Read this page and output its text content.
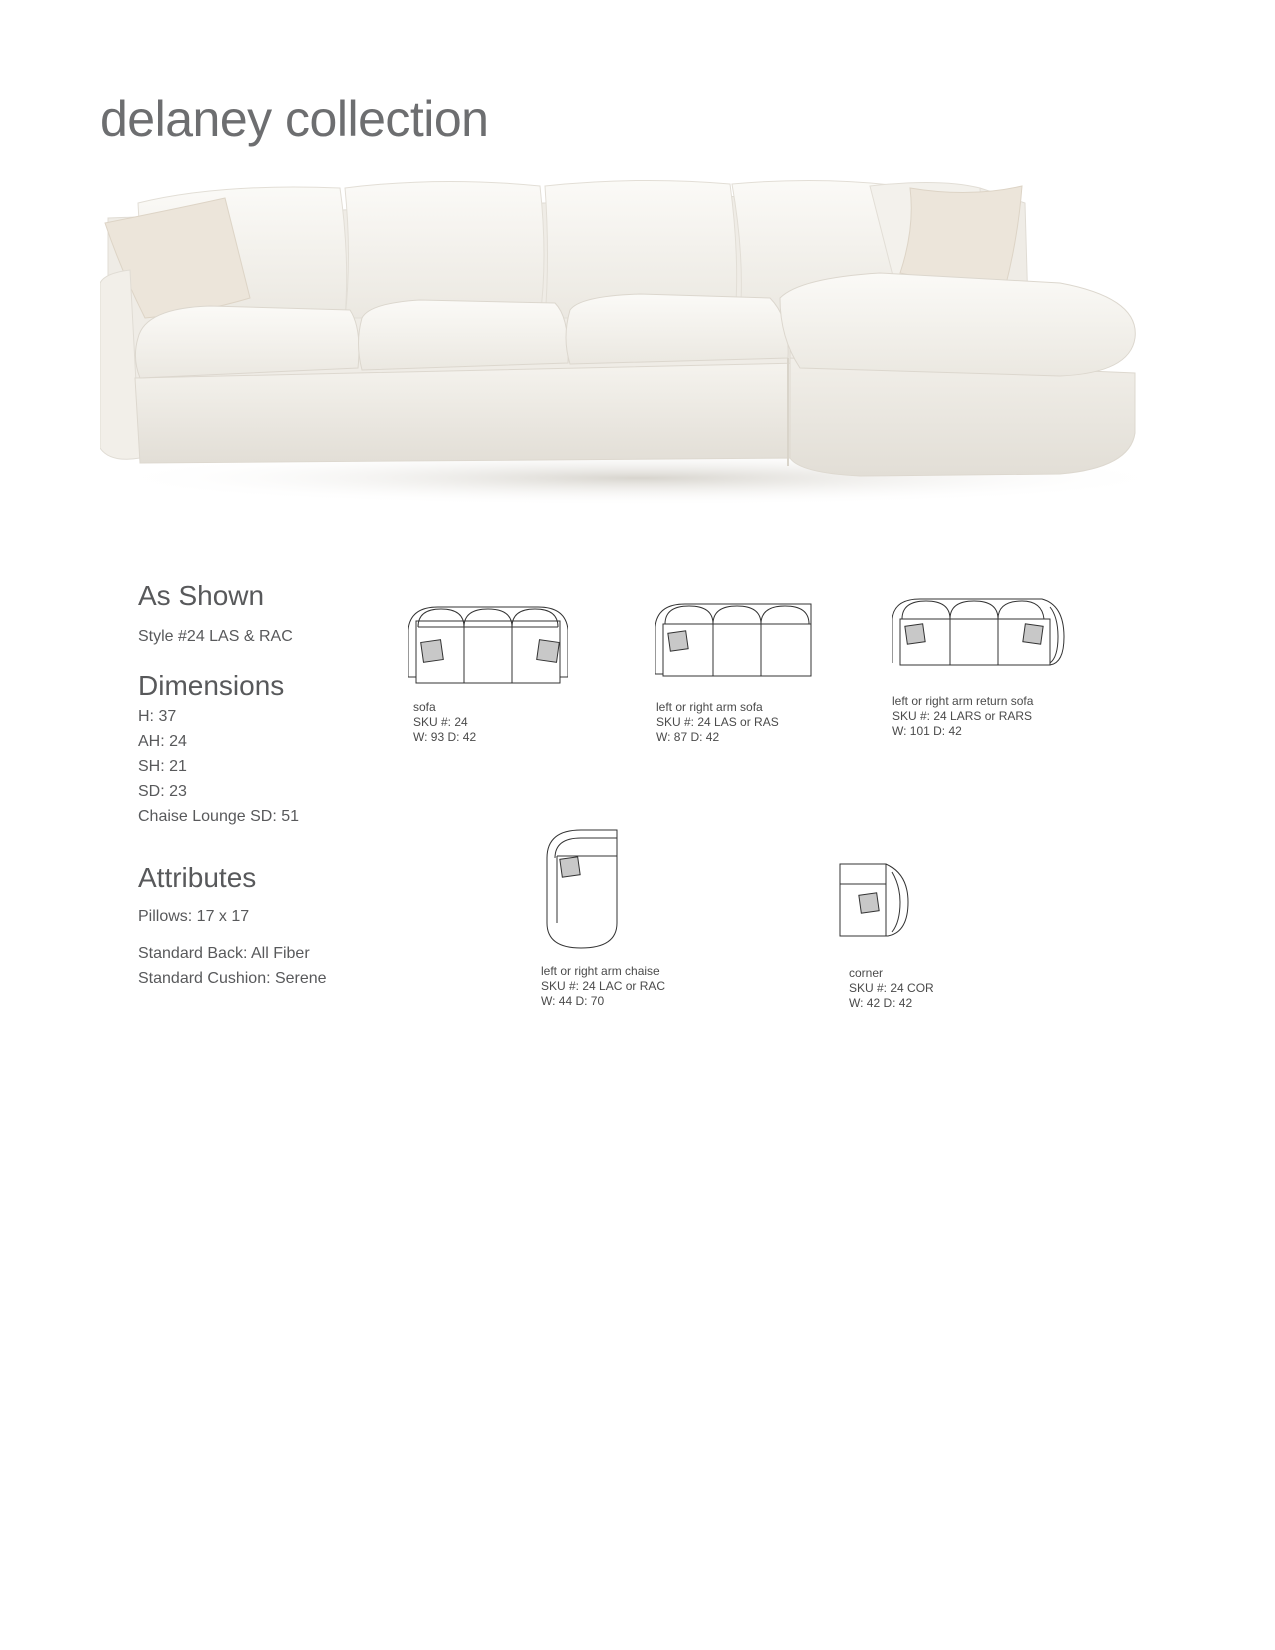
delaney collection
As Shown
Style #24 LAS & RAC
Dimensions
H: 37
AH: 24
SH: 21
SD: 23
Chaise Lounge SD: 51
Attributes
Pillows: 17 x 17
Standard Back: All Fiber
Standard Cushion: Serene
sofa
SKU #: 24
W: 93 D: 42
left or right arm sofa
SKU #: 24 LAS or RAS
W: 87 D: 42
left or right arm return sofa
SKU #: 24 LARS or RARS
W: 101 D: 42
left or right arm chaise
SKU #: 24 LAC or RAC
W: 44 D: 70
corner
SKU #: 24 COR
W: 42 D: 42
